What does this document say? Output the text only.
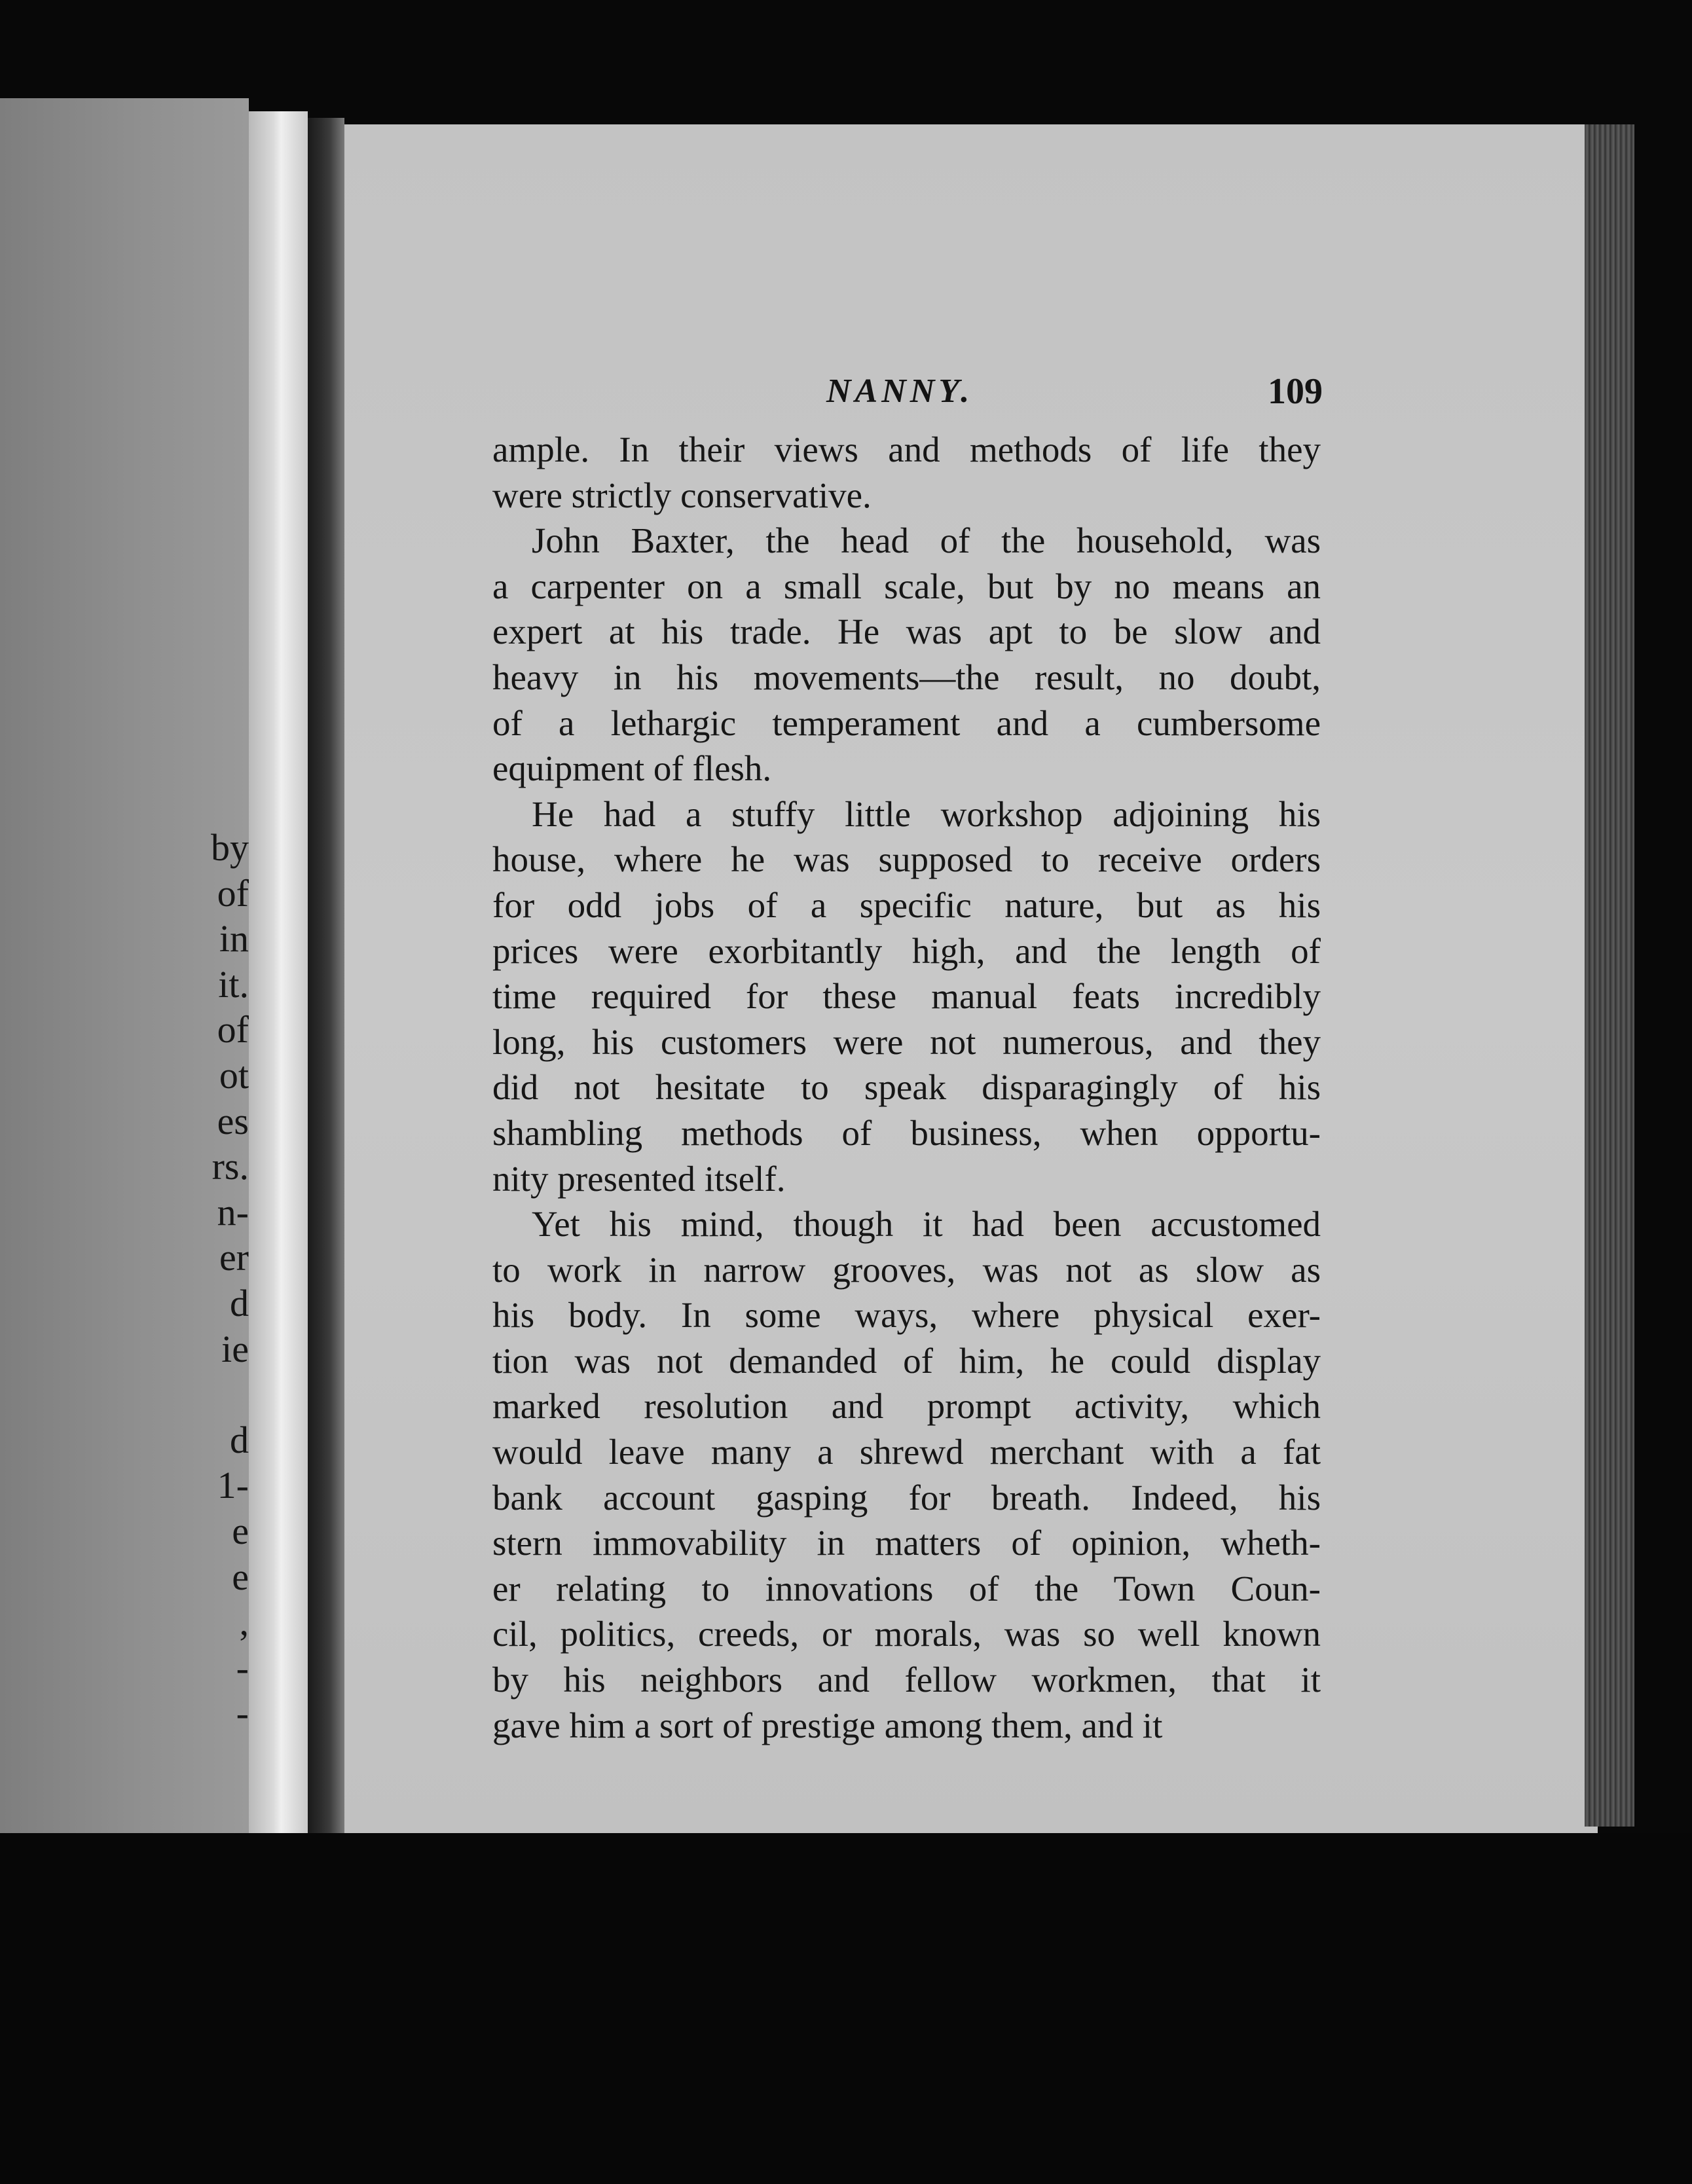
by
of
in
it.
of
ot
es
rs.
n-
er
d
ie
d
1-
e
e
,
-
-
NANNY.	109

ample. In their views and methods of life they

were strictly conservative.

John Baxter, the head of the household, was

a carpenter on a small scale, but by no means an

expert at his trade. He was apt to be slow and

heavy in his movements—the result, no doubt,

of a lethargic temperament and a cumbersome

equipment of flesh.

He had a stuffy little workshop adjoining his

house, where he was supposed to receive orders

for odd jobs of a specific nature, but as his

prices were exorbitantly high, and the length of

time required for these manual feats incredibly

long, his customers were not numerous, and they

did not hesitate to speak disparagingly of his

shambling methods of business, when opportu-

nity presented itself.

Yet his mind, though it had been accustomed

to work in narrow grooves, was not as slow as

his body. In some ways, where physical exer-

tion was not demanded of him, he could display

marked resolution and prompt activity, which

would leave many a shrewd merchant with a fat

bank account gasping for breath. Indeed, his

stern immovability in matters of opinion, wheth-

er relating to innovations of the Town Coun-

cil, politics, creeds, or morals, was so well known

by his neighbors and fellow workmen, that it

gave him a sort of prestige among them, and it
